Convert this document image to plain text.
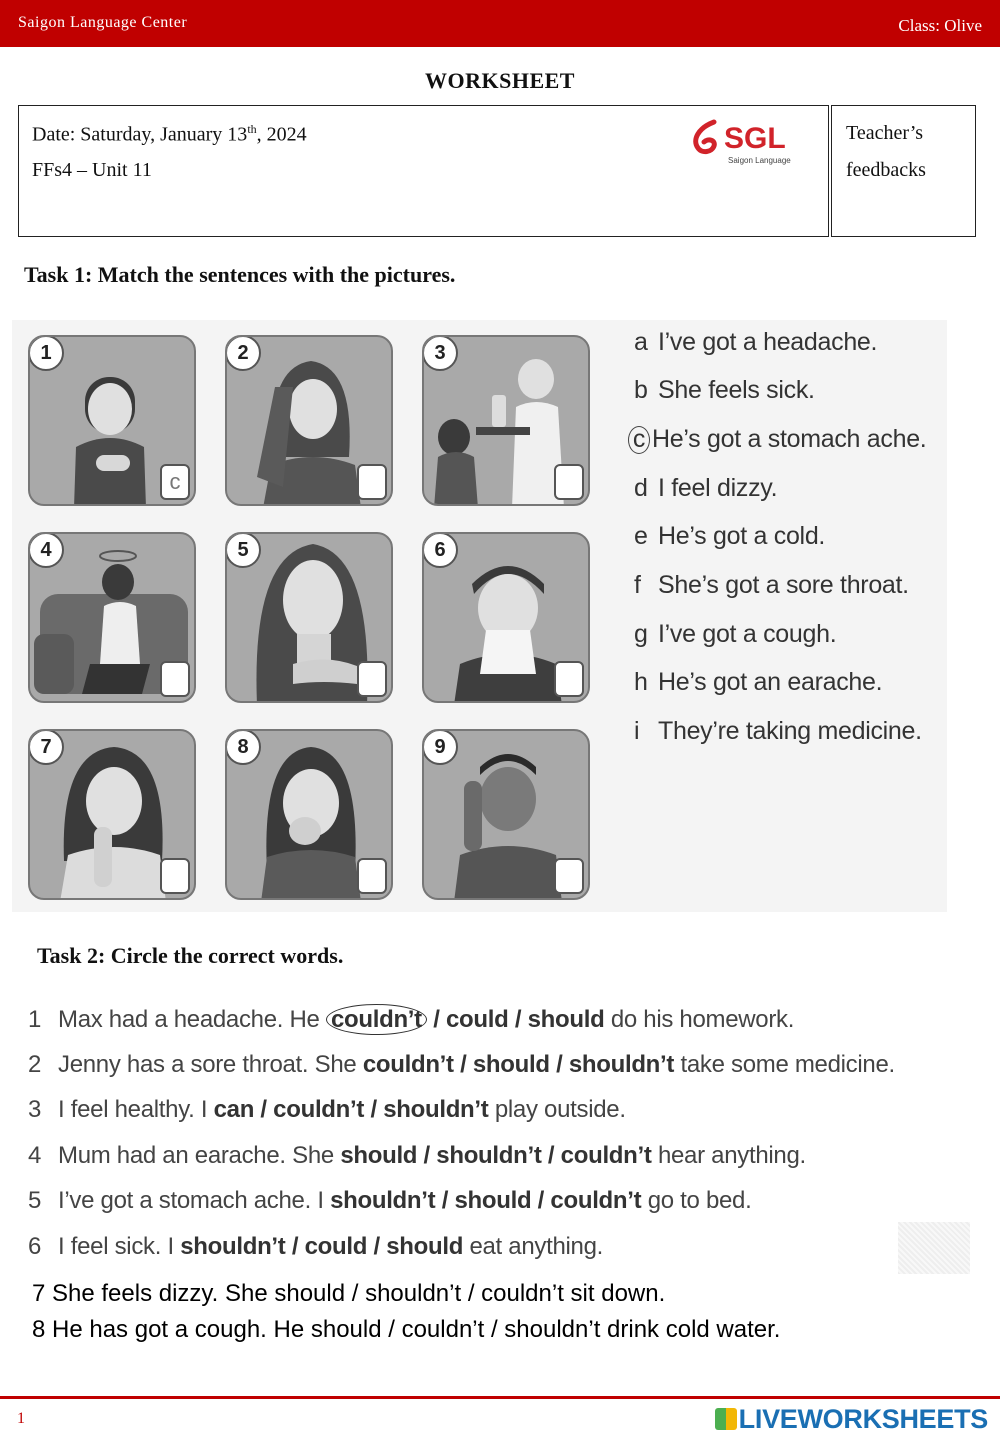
Saigon Language Center	Class: Olive
WORKSHEET
Date: Saturday, January 13th, 2024
FFs4 – Unit 11
SGL
Saigon Language
Teacher’s
feedbacks
Task 1: Match the sentences with the pictures.
1
c
2	3
4	5	6
7	8	9
a I’ve got a headache.
b She feels sick.
c He’s got a stomach ache.
d I feel dizzy.
e He’s got a cold.
f She’s got a sore throat.
g I’ve got a cough.
h He’s got an earache.
i They’re taking medicine.
Task 2: Circle the correct words.
1 Max had a headache. He couldn’t / could / should do his homework.
2 Jenny has a sore throat. She couldn’t / should / shouldn’t take some medicine.
3 I feel healthy. I can / couldn’t / shouldn’t play outside.
4 Mum had an earache. She should / shouldn’t / couldn’t hear anything.
5 I’ve got a stomach ache. I shouldn’t / should / couldn’t go to bed.
6 I feel sick. I shouldn’t / could / should eat anything.
7 She feels dizzy. She should / shouldn’t / couldn’t sit down.
8 He has got a cough. He should / couldn’t / shouldn’t drink cold water.
1	LIVEWORKSHEETS
